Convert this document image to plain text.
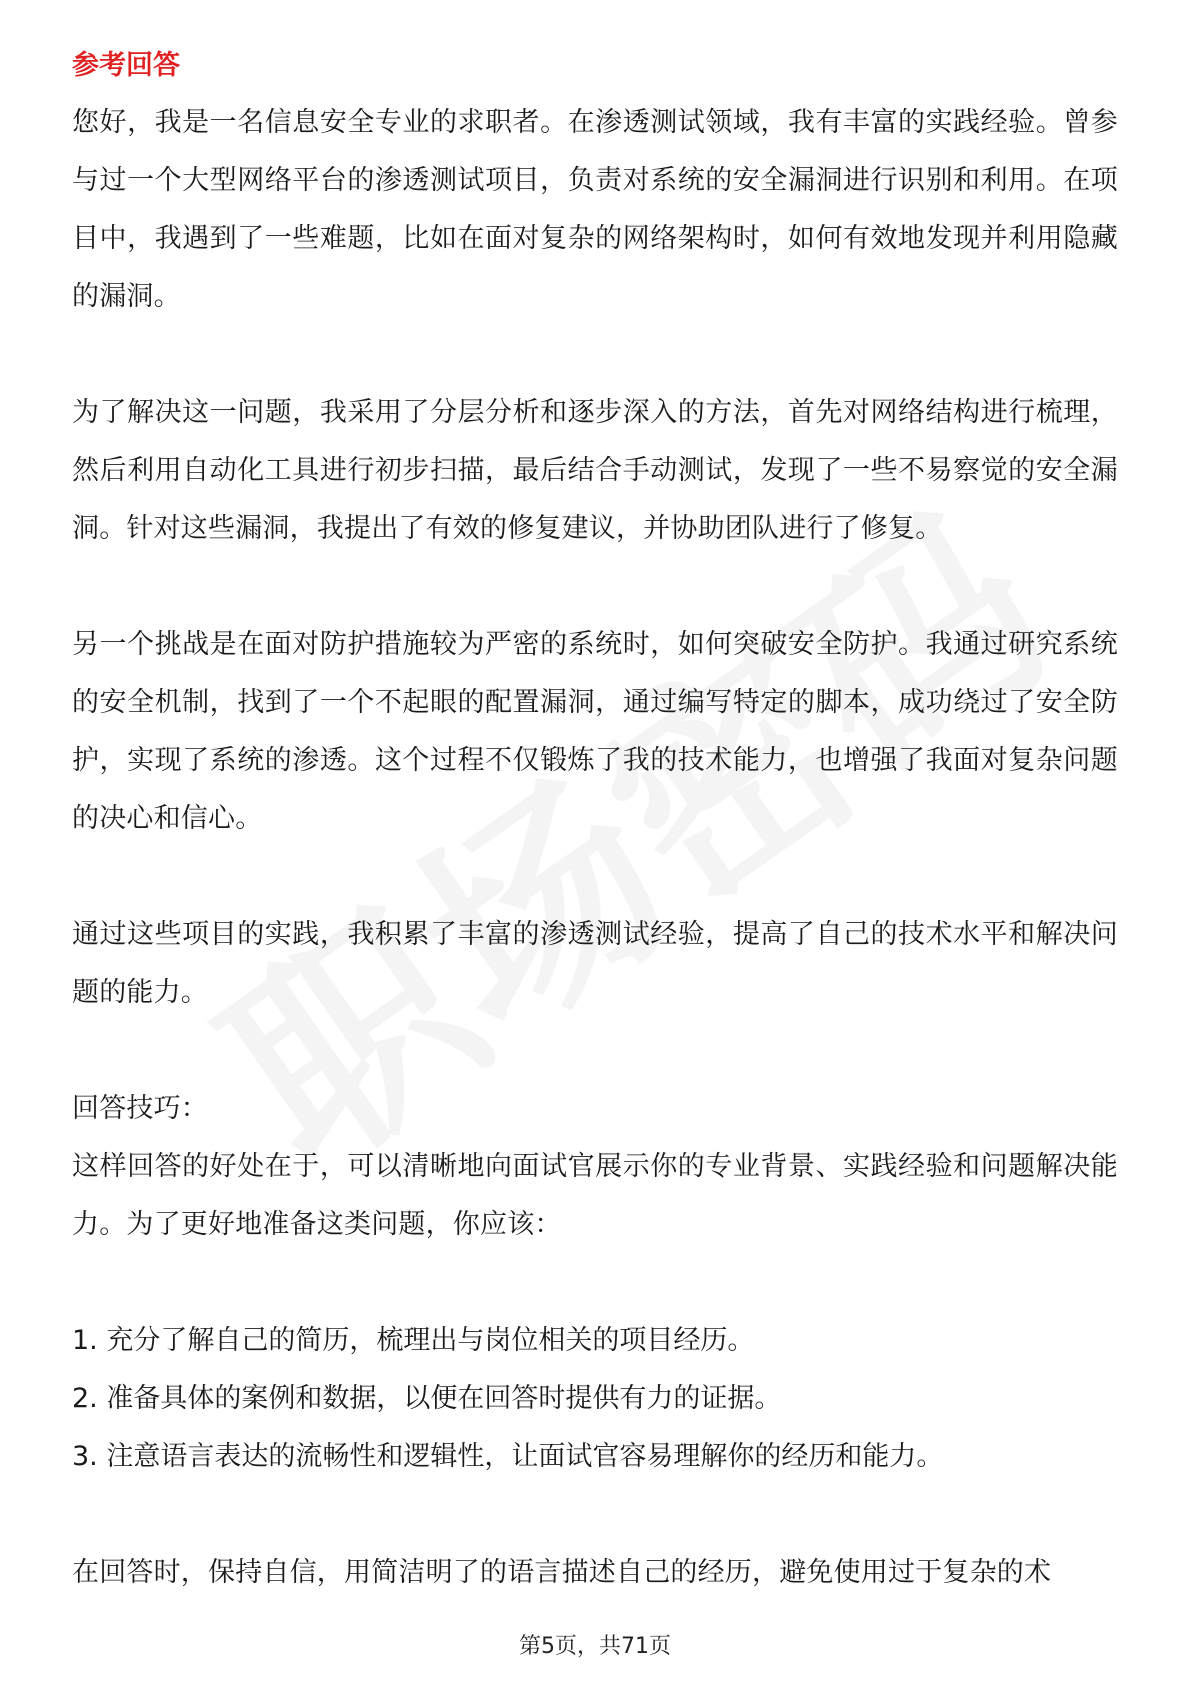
参考回答

您好，我是一名信息安全专业的求职者。在渗透测试领域，我有丰富的实践经验。曾参与过一个大型网络平台的渗透测试项目，负责对系统的安全漏洞进行识别和利用。在项目中，我遇到了一些难题，比如在面对复杂的网络架构时，如何有效地发现并利用隐藏的漏洞。

为了解决这一问题，我采用了分层分析和逐步深入的方法，首先对网络结构进行梳理，然后利用自动化工具进行初步扫描，最后结合手动测试，发现了一些不易察觉的安全漏洞。针对这些漏洞，我提出了有效的修复建议，并协助团队进行了修复。

另一个挑战是在面对防护措施较为严密的系统时，如何突破安全防护。我通过研究系统的安全机制，找到了一个不起眼的配置漏洞，通过编写特定的脚本，成功绕过了安全防护，实现了系统的渗透。这个过程不仅锻炼了我的技术能力，也增强了我面对复杂问题的决心和信心。

通过这些项目的实践，我积累了丰富的渗透测试经验，提高了自己的技术水平和解决问题的能力。

回答技巧：

这样回答的好处在于，可以清晰地向面试官展示你的专业背景、实践经验和问题解决能力。为了更好地准备这类问题，你应该：

1. 充分了解自己的简历，梳理出与岗位相关的项目经历。
2. 准备具体的案例和数据，以便在回答时提供有力的证据。
3. 注意语言表达的流畅性和逻辑性，让面试官容易理解你的经历和能力。

在回答时，保持自信，用简洁明了的语言描述自己的经历，避免使用过于复杂的术

第5页，共71页
